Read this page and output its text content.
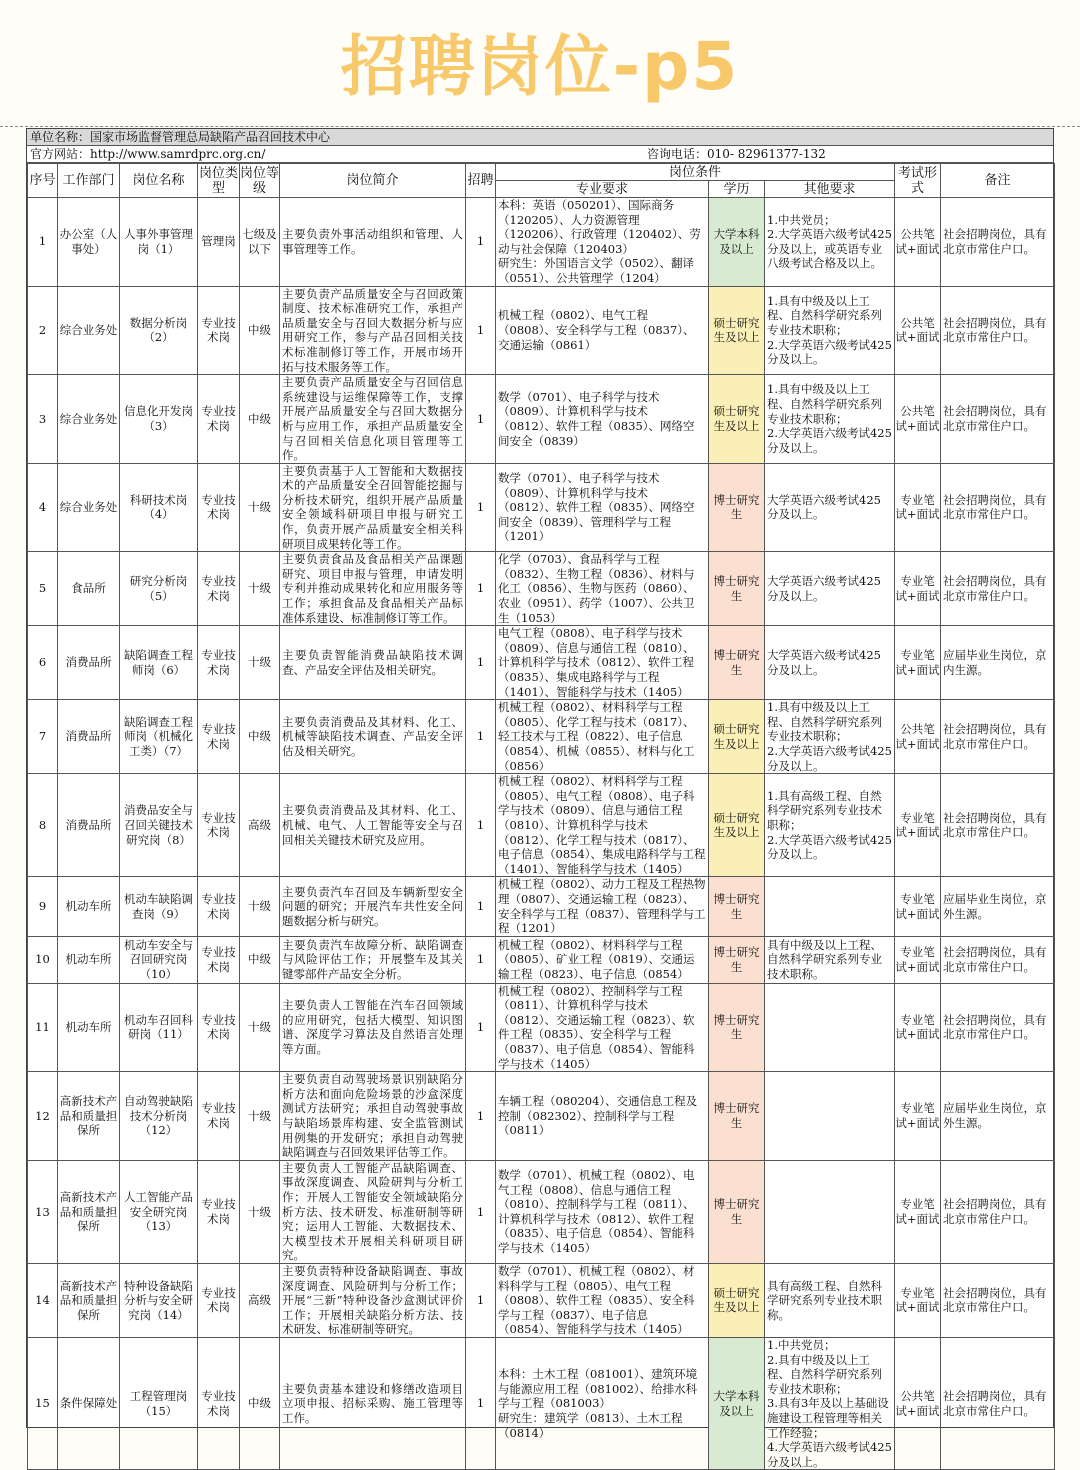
招聘岗位-p5
单位名称：国家市场监督管理总局缺陷产品召回技术中心
官方网站：http://www.samrdprc.org.cn/	咨询电话：010- 82961377-132
序号	工作部门	岗位名称	岗位类型	岗位等级	岗位简介	招聘	岗位条件			考试形式	备注
							专业要求	学历	其他要求		
1	办公室（人事处）	人事外事管理岗（1）	管理岗	七级及以下	主要负责外事活动组织和管理、人事管理等工作。	1	本科：英语（050201）、国际商务（120205）、人力资源管理（120206）、行政管理（120402）、劳动与社会保障（120403）
研究生：外国语言文学（0502）、翻译（0551）、公共管理学（1204）	大学本科及以上	1.中共党员；
2.大学英语六级考试425分及以上，或英语专业八级考试合格及以上。	公共笔试+面试	社会招聘岗位，具有北京市常住户口。
2	综合业务处	数据分析岗（2）	专业技术岗	中级	主要负责产品质量安全与召回政策制度、技术标准研究工作，承担产品质量安全与召回大数据分析与应用研究工作，参与产品召回相关技术标准制修订等工作，开展市场开拓与技术服务等工作。	1	机械工程（0802）、电气工程（0808）、安全科学与工程（0837）、交通运输（0861）	硕士研究生及以上	1.具有中级及以上工程、自然科学研究系列专业技术职称；
2.大学英语六级考试425分及以上。	公共笔试+面试	社会招聘岗位，具有北京市常住户口。
3	综合业务处	信息化开发岗（3）	专业技术岗	中级	主要负责产品质量安全与召回信息系统建设与运维保障等工作，支撑开展产品质量安全与召回大数据分析与应用工作，承担产品质量安全与召回相关信息化项目管理等工作。	1	数学（0701）、电子科学与技术（0809）、计算机科学与技术（0812）、软件工程（0835）、网络空间安全（0839）	硕士研究生及以上	1.具有中级及以上工程、自然科学研究系列专业技术职称；
2.大学英语六级考试425分及以上。	公共笔试+面试	社会招聘岗位，具有北京市常住户口。
4	综合业务处	科研技术岗（4）	专业技术岗	十级	主要负责基于人工智能和大数据技术的产品质量安全召回智能挖掘与分析技术研究，组织开展产品质量安全领域科研项目申报与研究工作，负责开展产品质量安全相关科研项目成果转化等工作。	1	数学（0701）、电子科学与技术（0809）、计算机科学与技术（0812）、软件工程（0835）、网络空间安全（0839）、管理科学与工程（1201）	博士研究生	大学英语六级考试425分及以上。	专业笔试+面试	社会招聘岗位，具有北京市常住户口。
5	食品所	研究分析岗（5）	专业技术岗	十级	主要负责食品及食品相关产品课题研究、项目申报与管理，申请发明专利并推动成果转化和应用服务等工作；承担食品及食品相关产品标准体系建设、标准制修订等工作。	1	化学（0703）、食品科学与工程（0832）、生物工程（0836）、材料与化工（0856）、生物与医药（0860）、农业（0951）、药学（1007）、公共卫生（1053）	博士研究生	大学英语六级考试425分及以上。	专业笔试+面试	社会招聘岗位，具有北京市常住户口。
6	消费品所	缺陷调查工程师岗（6）	专业技术岗	十级	主要负责智能消费品缺陷技术调查、产品安全评估及相关研究。	1	电气工程（0808）、电子科学与技术（0809）、信息与通信工程（0810）、计算机科学与技术（0812）、软件工程（0835）、集成电路科学与工程（1401）、智能科学与技术（1405）	博士研究生	大学英语六级考试425分及以上。	专业笔试+面试	应届毕业生岗位，京内生源。
7	消费品所	缺陷调查工程师岗（机械化工类）（7）	专业技术岗	中级	主要负责消费品及其材料、化工、机械等缺陷技术调查、产品安全评估及相关研究。	1	机械工程（0802）、材料科学与工程（0805）、化学工程与技术（0817）、轻工技术与工程（0822）、电子信息（0854）、机械（0855）、材料与化工（0856）	硕士研究生及以上	1.具有中级及以上工程、自然科学研究系列专业技术职称；
2.大学英语六级考试425分及以上。	公共笔试+面试	社会招聘岗位，具有北京市常住户口。
8	消费品所	消费品安全与召回关键技术研究岗（8）	专业技术岗	高级	主要负责消费品及其材料、化工、机械、电气、人工智能等安全与召回相关关键技术研究及应用。	1	机械工程（0802）、材料科学与工程（0805）、电气工程（0808）、电子科学与技术（0809）、信息与通信工程（0810）、计算机科学与技术（0812）、化学工程与技术（0817）、电子信息（0854）、集成电路科学与工程（1401）、智能科学与技术（1405）	硕士研究生及以上	1.具有高级工程、自然科学研究系列专业技术职称；
2.大学英语六级考试425分及以上。	专业笔试+面试	社会招聘岗位，具有北京市常住户口。
9	机动车所	机动车缺陷调查岗（9）	专业技术岗	十级	主要负责汽车召回及车辆新型安全问题的研究；开展汽车共性安全问题数据分析与研究。	1	机械工程（0802）、动力工程及工程热物理（0807）、交通运输工程（0823）、安全科学与工程（0837）、管理科学与工程（1201）	博士研究生		专业笔试+面试	应届毕业生岗位，京外生源。
10	机动车所	机动车安全与召回研究岗（10）	专业技术岗	中级	主要负责汽车故障分析、缺陷调查与风险评估工作；开展整车及其关键零部件产品安全分析。	1	机械工程（0802）、材料科学与工程（0805）、矿业工程（0819）、交通运输工程（0823）、电子信息（0854）	博士研究生	具有中级及以上工程、自然科学研究系列专业技术职称。	专业笔试+面试	社会招聘岗位，具有北京市常住户口。
11	机动车所	机动车召回科研岗（11）	专业技术岗	十级	主要负责人工智能在汽车召回领域的应用研究，包括大模型、知识图谱、深度学习算法及自然语言处理等方面。	1	机械工程（0802）、控制科学与工程（0811）、计算机科学与技术（0812）、交通运输工程（0823）、软件工程（0835）、安全科学与工程（0837）、电子信息（0854）、智能科学与技术（1405）	博士研究生		专业笔试+面试	社会招聘岗位，具有北京市常住户口。
12	高新技术产品和质量担保所	自动驾驶缺陷技术分析岗（12）	专业技术岗	十级	主要负责自动驾驶场景识别缺陷分析方法和面向危险场景的沙盒深度测试方法研究；承担自动驾驶事故与缺陷场景库构建、安全监管测试用例集的开发研究；承担自动驾驶缺陷调查与召回效果评估等工作。	1	车辆工程（080204）、交通信息工程及控制（082302）、控制科学与工程（0811）	博士研究生		专业笔试+面试	应届毕业生岗位，京外生源。
13	高新技术产品和质量担保所	人工智能产品安全研究岗（13）	专业技术岗	十级	主要负责人工智能产品缺陷调查、事故深度调查、风险研判与分析工作；开展人工智能安全领域缺陷分析方法、技术研发、标准研制等研究；运用人工智能、大数据技术、大模型技术开展相关科研项目研究。	1	数学（0701）、机械工程（0802）、电气工程（0808）、信息与通信工程（0810）、控制科学与工程（0811）、计算机科学与技术（0812）、软件工程（0835）、电子信息（0854）、智能科学与技术（1405）	博士研究生		专业笔试+面试	社会招聘岗位，具有北京市常住户口。
14	高新技术产品和质量担保所	特种设备缺陷分析与安全研究岗（14）	专业技术岗	高级	主要负责特种设备缺陷调查、事故深度调查、风险研判与分析工作；开展“三新”特种设备沙盒测试评价工作；开展相关缺陷分析方法、技术研发、标准研制等研究。	1	数学（0701）、机械工程（0802）、材料科学与工程（0805）、电气工程（0808）、软件工程（0835）、安全科学与工程（0837）、电子信息（0854）、智能科学与技术（1405）	硕士研究生及以上	具有高级工程、自然科学研究系列专业技术职称。	专业笔试+面试	社会招聘岗位，具有北京市常住户口。
15	条件保障处	工程管理岗（15）	专业技术岗	中级	主要负责基本建设和修缮改造项目立项申报、招标采购、施工管理等工作。	1	本科：土木工程（081001）、建筑环境与能源应用工程（081002）、给排水科学与工程（081003）
研究生：建筑学（0813）、土木工程（0814）	大学本科及以上	1.中共党员；
2.具有中级及以上工程、自然科学研究系列专业技术职称；
3.具有3年及以上基础设施建设工程管理等相关工作经验；
4.大学英语六级考试425分及以上。	公共笔试+面试	社会招聘岗位，具有北京市常住户口。
